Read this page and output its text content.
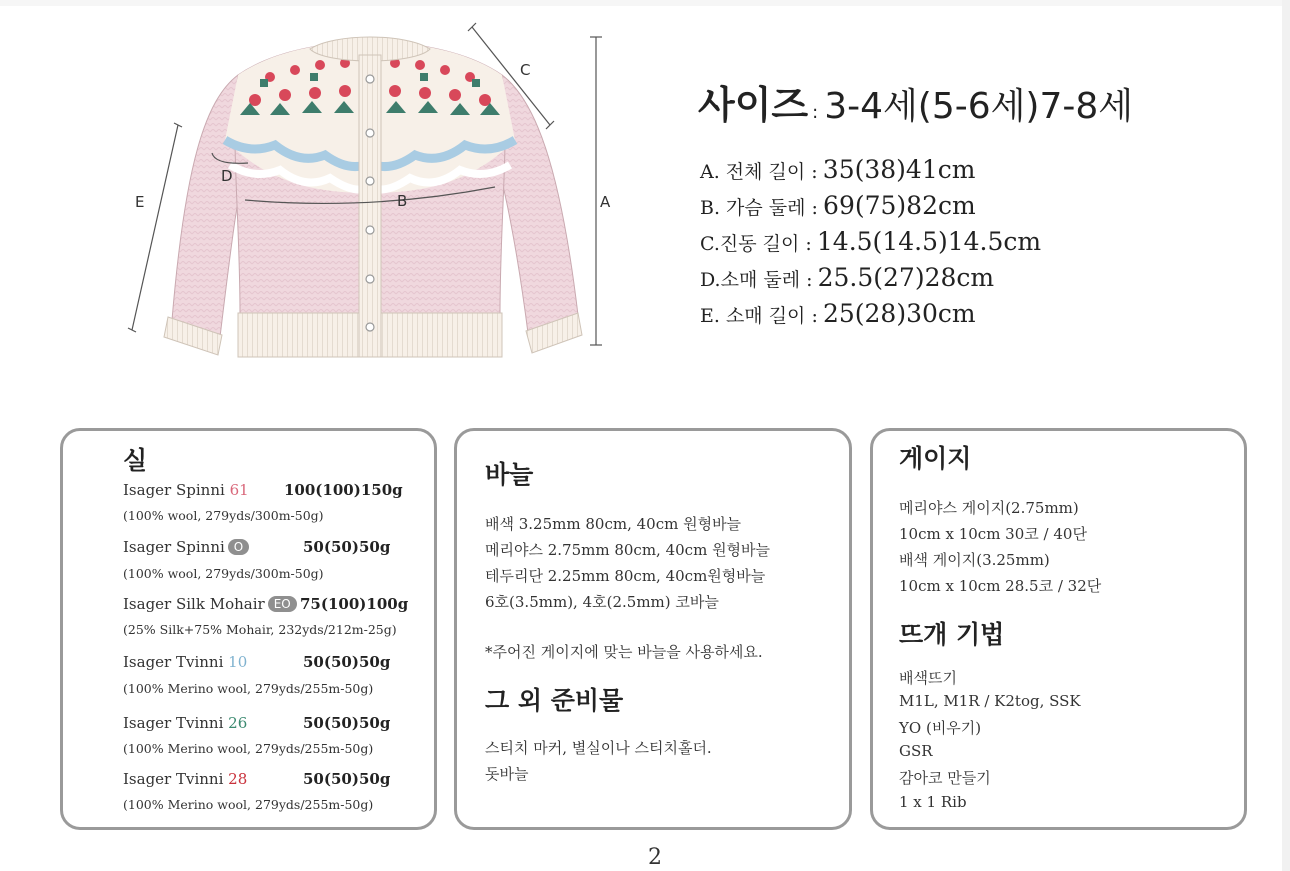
A
C
E	B
D
사이즈 : 3-4세(5-6세)7-8세
A. 전체 길이 : 35(38)41cm
B. 가슴 둘레 : 69(75)82cm
C.진동 길이 : 14.5(14.5)14.5cm
D.소매 둘레 : 25.5(27)28cm
E. 소매 길이 : 25(28)30cm
실
Isager Spinni 61 100(100)150g
(100% wool, 279yds/300m-50g)
Isager Spinni O	50(50)50g
(100% wool, 279yds/300m-50g)
Isager Silk Mohair EO 75(100)100g
(25% Silk+75% Mohair, 232yds/212m-25g)
Isager Tvinni 10	50(50)50g
(100% Merino wool, 279yds/255m-50g)
Isager Tvinni 26	50(50)50g
(100% Merino wool, 279yds/255m-50g)
Isager Tvinni 28	50(50)50g
(100% Merino wool, 279yds/255m-50g)
바늘
배색 3.25mm 80cm, 40cm 원형바늘
메리야스 2.75mm 80cm, 40cm 원형바늘
테두리단 2.25mm 80cm, 40cm원형바늘
6호(3.5mm), 4호(2.5mm) 코바늘
*주어진 게이지에 맞는 바늘을 사용하세요.
그 외 준비물
스티치 마커, 별실이나 스티치홀더.
돗바늘
게이지
메리야스 게이지(2.75mm)
10cm x 10cm 30코 / 40단
배색 게이지(3.25mm)
10cm x 10cm 28.5코 / 32단
뜨개 기법
배색뜨기
M1L, M1R / K2tog, SSK
YO (비우기)
GSR
감아코 만들기
1 x 1 Rib
2
